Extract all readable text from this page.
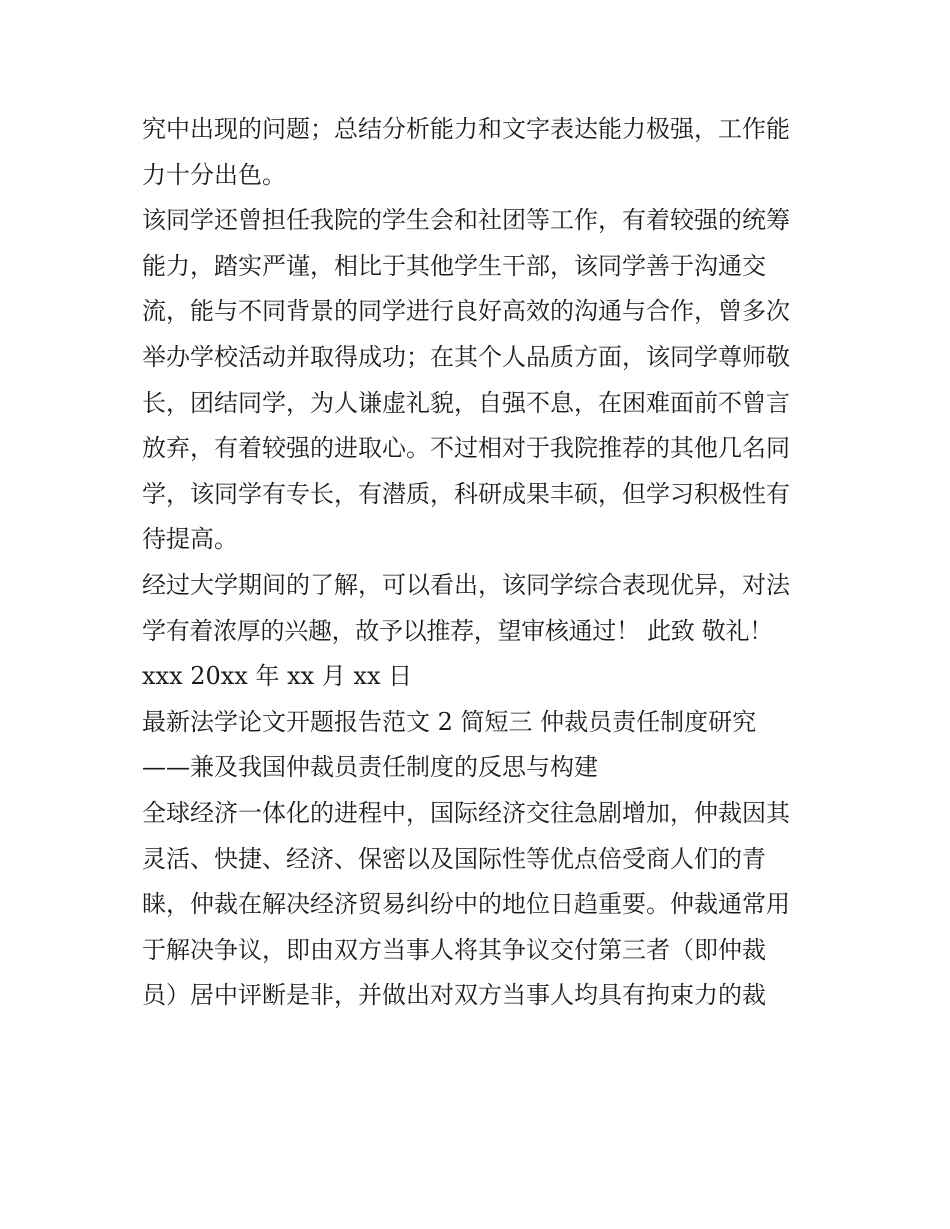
究中出现的问题；总结分析能力和文字表达能力极强，工作能
力十分出色。
该同学还曾担任我院的学生会和社团等工作，有着较强的统筹
能力，踏实严谨，相比于其他学生干部，该同学善于沟通交
流，能与不同背景的同学进行良好高效的沟通与合作，曾多次
举办学校活动并取得成功；在其个人品质方面，该同学尊师敬
长，团结同学，为人谦虚礼貌，自强不息，在困难面前不曾言
放弃，有着较强的进取心。不过相对于我院推荐的其他几名同
学，该同学有专长，有潜质，科研成果丰硕，但学习积极性有
待提高。
经过大学期间的了解，可以看出，该同学综合表现优异，对法
学有着浓厚的兴趣，故予以推荐，望审核通过！ 此致 敬礼！
xxx 20xx 年 xx 月 xx 日
最新法学论文开题报告范文 2 简短三 仲裁员责任制度研究
——兼及我国仲裁员责任制度的反思与构建
全球经济一体化的进程中，国际经济交往急剧增加，仲裁因其
灵活、快捷、经济、保密以及国际性等优点倍受商人们的青
睐，仲裁在解决经济贸易纠纷中的地位日趋重要。仲裁通常用
于解决争议，即由双方当事人将其争议交付第三者（即仲裁
员）居中评断是非，并做出对双方当事人均具有拘束力的裁
